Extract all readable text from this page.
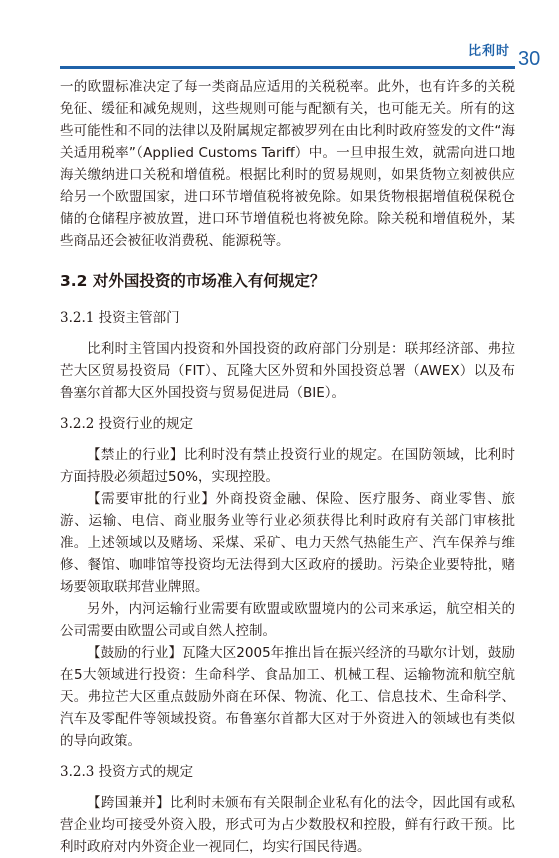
比利时 30

一的欧盟标准决定了每一类商品应适用的关税税率。此外，也有许多的关税免征、缓征和减免规则，这些规则可能与配额有关，也可能无关。所有的这些可能性和不同的法律以及附属规定都被罗列在由比利时政府签发的文件“海关适用税率”（Applied Customs Tariff）中。一旦申报生效，就需向进口地海关缴纳进口关税和增值税。根据比利时的贸易规则，如果货物立刻被供应给另一个欧盟国家，进口环节增值税将被免除。如果货物根据增值税保税仓储的仓储程序被放置，进口环节增值税也将被免除。除关税和增值税外，某些商品还会被征收消费税、能源税等。

3.2 对外国投资的市场准入有何规定？
3.2.1 投资主管部门

比利时主管国内投资和外国投资的政府部门分别是：联邦经济部、弗拉芒大区贸易投资局（FIT）、瓦隆大区外贸和外国投资总署（AWEX）以及布鲁塞尔首都大区外国投资与贸易促进局（BIE）。

3.2.2 投资行业的规定

【禁止的行业】比利时没有禁止投资行业的规定。在国防领域，比利时方面持股必须超过50%，实现控股。

【需要审批的行业】外商投资金融、保险、医疗服务、商业零售、旅游、运输、电信、商业服务业等行业必须获得比利时政府有关部门审核批准。上述领域以及赌场、采煤、采矿、电力天然气热能生产、汽车保养与维修、餐馆、咖啡馆等投资均无法得到大区政府的援助。污染企业要特批，赌场要领取联邦营业牌照。

另外，内河运输行业需要有欧盟或欧盟境内的公司来承运，航空相关的公司需要由欧盟公司或自然人控制。

【鼓励的行业】瓦隆大区2005年推出旨在振兴经济的马歇尔计划，鼓励在5大领域进行投资：生命科学、食品加工、机械工程、运输物流和航空航天。弗拉芒大区重点鼓励外商在环保、物流、化工、信息技术、生命科学、汽车及零配件等领域投资。布鲁塞尔首都大区对于外资进入的领域也有类似的导向政策。

3.2.3 投资方式的规定

【跨国兼并】比利时未颁布有关限制企业私有化的法令，因此国有或私营企业均可接受外资入股，形式可为占少数股权和控股，鲜有行政干预。比利时政府对内外资企业一视同仁，均实行国民待遇。
